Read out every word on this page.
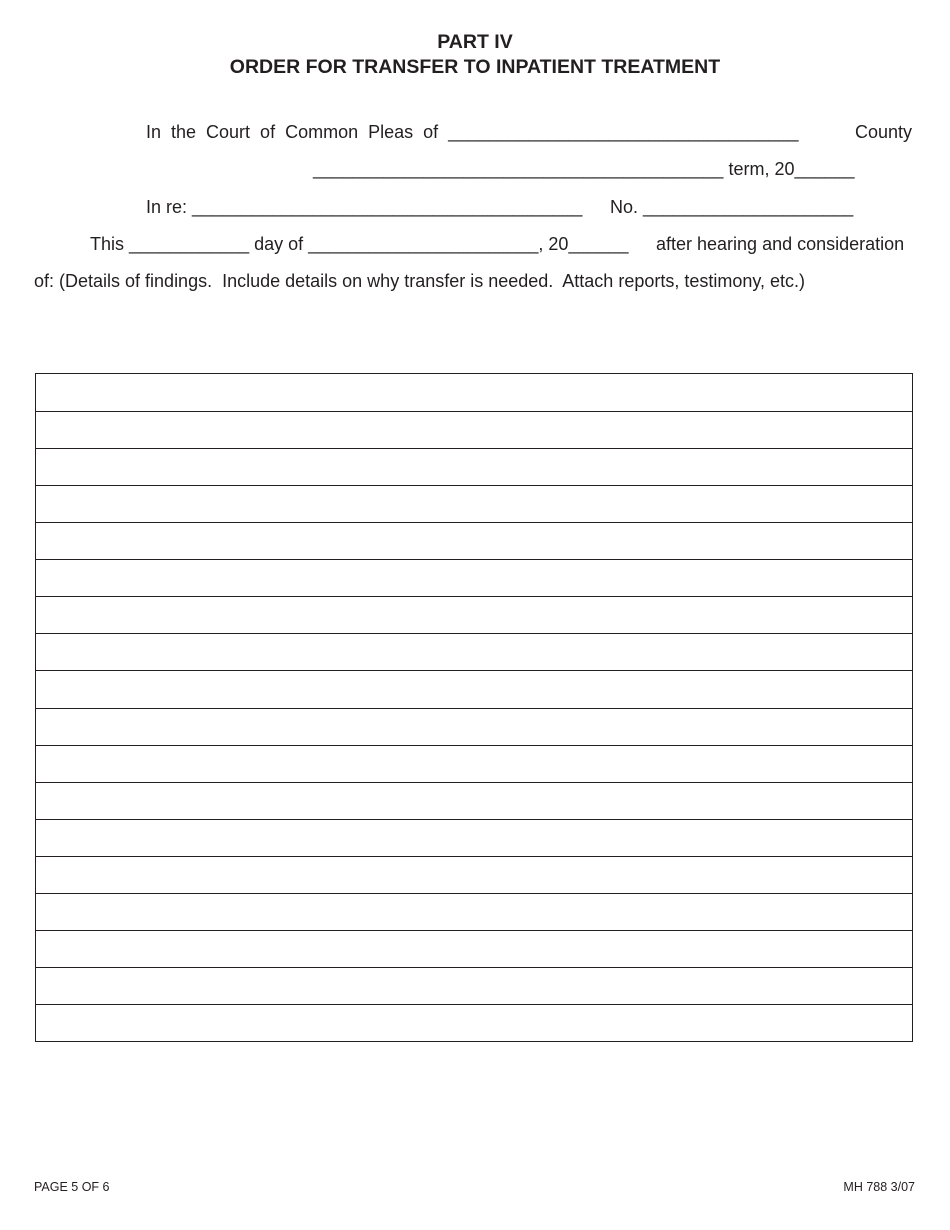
PART IV
ORDER FOR TRANSFER TO INPATIENT TREATMENT
In  the  Court  of  Common  Pleas  of  ___________________________________	County
_________________________________________ term, 20______
In re: _______________________________________ No. _____________________
This ____________ day of _______________________, 20______ after hearing and consideration
of: (Details of findings.  Include details on why transfer is needed.  Attach reports, testimony, etc.)
PAGE 5 OF 6	MH 788 3/07
